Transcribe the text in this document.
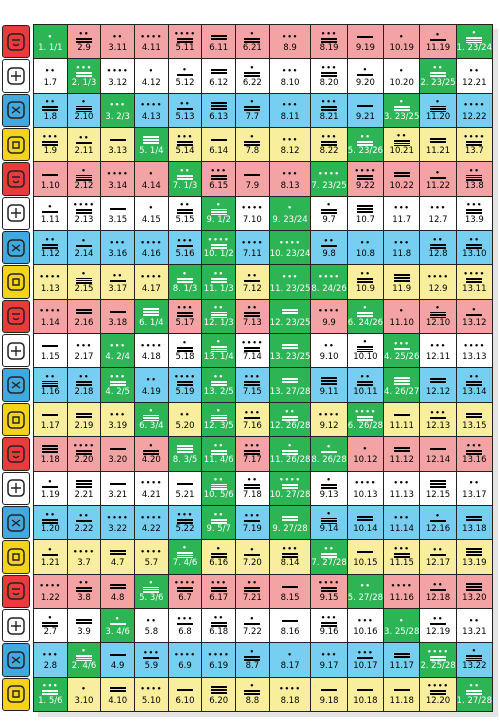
•
1. 1/1
••
2.9
••
3.11
••••
4.11
••••
5.11 6.11
•
6.21
•••
8.9
•••
8.19 9.19
•
10.19
•
11.19
•
1. 23/24
••
1.7
•••
2. 1/3
••••
3.12
•
4.12
•
5.12 6.12
•
6.22
•••
8.10
•••
8.20
•
9.20
•
10.20
••
2. 23/25
••
12.21
••
1.8
•
2.10
•••
3. 2/3
••••
4.13
••
5.13 6.13
•
7.7
•••
8.11
•••
8.21 9.21
•
3. 23/25
•
11.20
••••
12.22
•••
1.9
••
2.11 3.13 5. 1/4
•••
5.14 6.14
•
7.8
•••
8.12
•••
8.22
••
5. 23/26
••
10.21 11.21
••••
13.7
1.10
•
2.12
••••
3.14
•
4.14
••
7. 1/3
•••
6.15 7.9
•••
8.13
••••
7. 23/25
••••
9.22 10.22
•
11.22
••
13.8
•
1.11
••••
2.13 3.15
•
4.15
••
5.15
•
9. 1/2
••••
7.10
•
9. 23/24
•
9.7 10.7
•••
11.7
•••
12.7
•••
13.9
••
1.12
•
2.14
•••
3.16
••••
4.16
•••
5.16
••••
10. 1/2
••••
7.11
••••
10. 23/24
••
9.8
••
10.8
•••
11.8
••
12.8
••
13.10
••••
1.13
•
2.15
••
3.17
••••
4.17
•
8. 1/3
••
11. 1/3
••
7.12
•••
11. 23/25
••••
8. 24/26
••
10.9 11.9
••••
12.9
••••
13.11
••••
1.14 2.16 3.18 6. 1/4
•••
5.17
••
12. 1/3
••
7.13 12. 23/25
••••
9.9
•
6. 24/26
•
11.10
•
12.10
•
13.12
1.15
•••
2.17
•••
4. 2/4
••••
4.18
•
5.18
•
13. 1/4
••••
7.14 13. 23/25
••
9.10
•
10.10
•••
4. 25/26
•••
12.11
••••
13.13
••
1.16
••
2.18
•••
4. 2/5
••
4.19
••••
5.19
••
13. 2/5
•••
7.15 13. 27/28 9.11
••
10.11 4. 26/27 12.12
••
13.14
1.17 2.19
•••
3.19
•
6. 3/4
••
5.20
•
12. 3/5
•••
7.16
••
12. 26/28
••••
9.12
••••
6. 26/28 11.11
•••
12.13 13.15
1.18
••••
2.20 3.20
•
4.20 8. 3/5
••
11. 4/6
•••
7.17
•
11. 26/28
•
8. 26/28
•
10.12 11.12 12.14
•••
13.16
•
1.19 2.21 3.21
••••
4.21 5.21
••
10. 5/6
••
7.18
••••
10. 27/28
•
9.13
••••
10.13
•••
11.13 12.15
••
13.17
••
1.20
••
2.22
••••
3.22
••••
4.22
•••
5.22
••
9. 5/7
•••
7.19 9. 27/28
•
9.14 10.14
•••
11.14
•
12.16 13.18
•
1.21
••••
3.7 4.7
••••
5.7
•
7. 4/6
•
6.16
•
7.20
•••
8.14
••
7. 27/28 10.15
•••
11.15
••
12.17 13.19
••••
1.22
••
3.8 4.8
•
5. 3/6
••••
6.7
•••
6.17
••
7.21 8.15
••••
9.15
••
5. 27/28
••••
11.16
••
12.18 13.20
•
2.7 3.9
•
3. 4/6
••
5.8
•••
6.8
••
6.18
•
7.22 8.16
•••
9.16
•••
10.16
•
3. 25/28
••
12.19
••
13.21
•••
2.8
•
2. 4/6 4.9
•••
5.9
••••
6.9
••••
6.19
•
8.7
•
8.17
•••
9.17
•••
10.17 11.17
••••
2. 25/28
•
13.22
•••
1. 5/6
•
3.10 4.10
••••
5.10 6.10 6.20
•
8.8
••••
8.18 9.18 10.18 11.18
••••
12.20
••
1. 27/28
